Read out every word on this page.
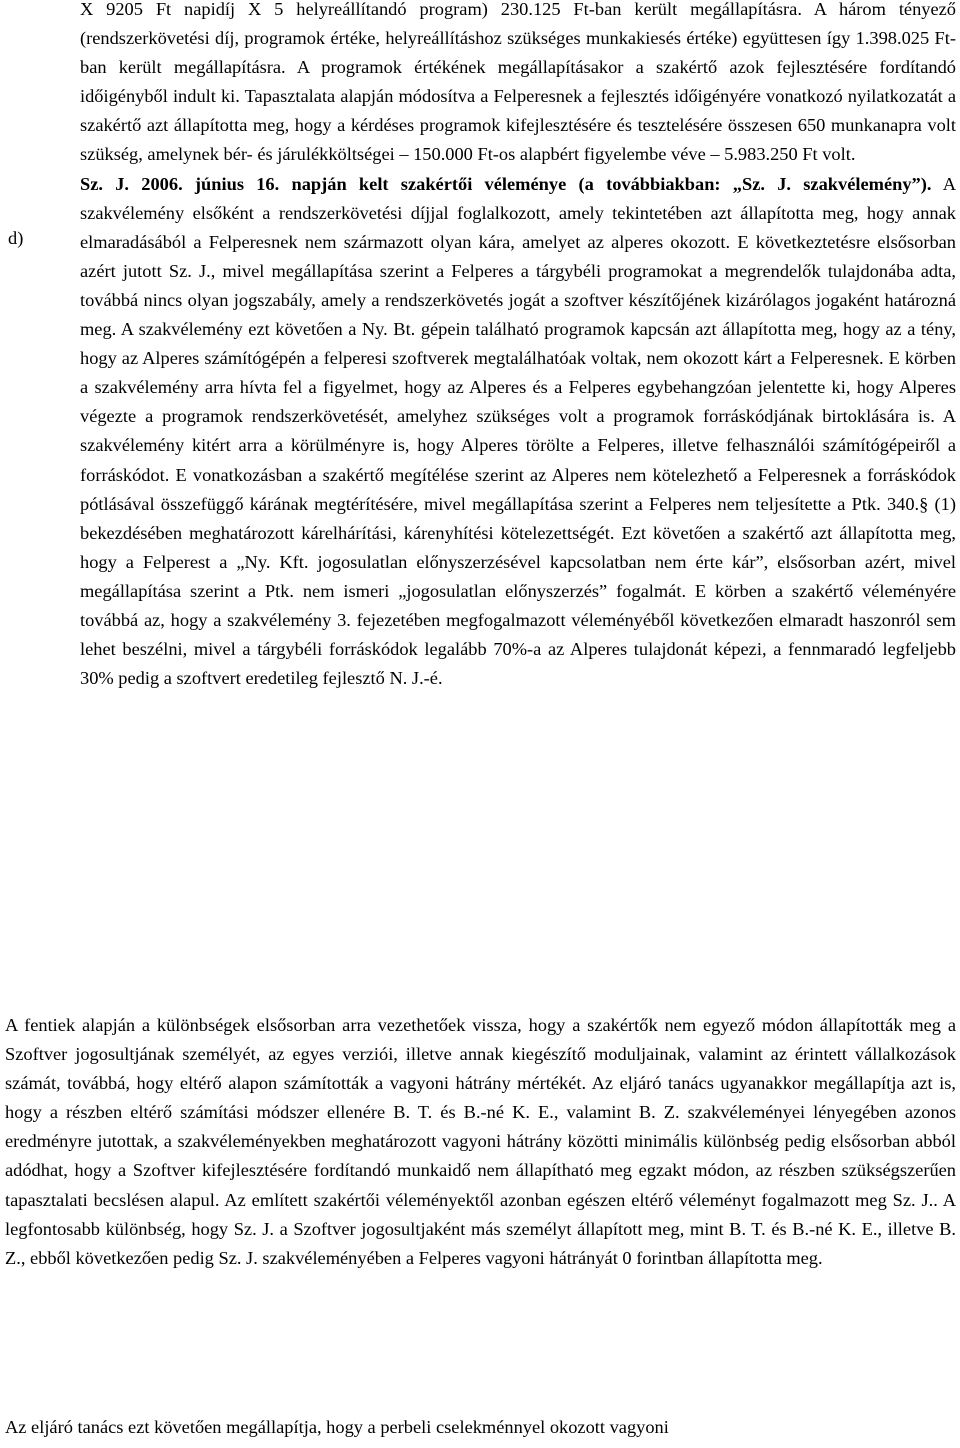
X 9205 Ft napidíj X 5 helyreállítandó program) 230.125 Ft-ban került megállapításra. A három tényező (rendszerkövetési díj, programok értéke, helyreállításhoz szükséges munkakiesés értéke) együttesen így 1.398.025 Ft-ban került megállapításra. A programok értékének megállapításakor a szakértő azok fejlesztésére fordítandó időigényből indult ki. Tapasztalata alapján módosítva a Felperesnek a fejlesztés időigényére vonatkozó nyilatkozatát a szakértő azt állapította meg, hogy a kérdéses programok kifejlesztésére és tesztelésére összesen 650 munkanapra volt szükség, amelynek bér- és járulékköltségei – 150.000 Ft-os alapbért figyelembe véve – 5.983.250 Ft volt.

Sz. J. 2006. június 16. napján kelt szakértői véleménye (a továbbiakban: „Sz. J. szakvélemény”). A szakvélemény elsőként a rendszerkövetési díjjal foglalkozott, amely tekintetében azt állapította meg, hogy annak elmaradásából a Felperesnek nem származott olyan kára, amelyet az alperes okozott. E következtetésre elsősorban azért jutott Sz. J., mivel megállapítása szerint a Felperes a tárgybéli programokat a megrendelők tulajdonába adta, továbbá nincs olyan jogszabály, amely a rendszerkövetés jogát a szoftver készítőjének kizárólagos jogaként határozná meg. A szakvélemény ezt követően a Ny. Bt. gépein található programok kapcsán azt állapította meg, hogy az a tény, hogy az Alperes számítógépén a felperesi szoftverek megtalálhatóak voltak, nem okozott kárt a Felperesnek. E körben a szakvélemény arra hívta fel a figyelmet, hogy az Alperes és a Felperes egybehangzóan jelentette ki, hogy Alperes végezte a programok rendszerkövetését, amelyhez szükséges volt a programok forráskódjának birtoklására is. A szakvélemény kitért arra a körülményre is, hogy Alperes törölte a Felperes, illetve felhasználói számítógépeiről a forráskódot. E vonatkozásban a szakértő megítélése szerint az Alperes nem kötelezhető a Felperesnek a forráskódok pótlásával összefüggő kárának megtérítésére, mivel megállapítása szerint a Felperes nem teljesítette a Ptk. 340.§ (1) bekezdésében meghatározott kárelhárítási, kárenyhítési kötelezettségét. Ezt követően a szakértő azt állapította meg, hogy a Felperest a „Ny. Kft. jogosulatlan előnyszerzésével kapcsolatban nem érte kár”, elsősorban azért, mivel megállapítása szerint a Ptk. nem ismeri „jogosulatlan előnyszerzés” fogalmát. E körben a szakértő véleményére továbbá az, hogy a szakvélemény 3. fejezetében megfogalmazott véleményéből következően elmaradt haszonról sem lehet beszélni, mivel a tárgybéli forráskódok legalább 70%-a az Alperes tulajdonát képezi, a fennmaradó legfeljebb 30% pedig a szoftvert eredetileg fejlesztő N. J.-é.

d)

A fentiek alapján a különbségek elsősorban arra vezethetőek vissza, hogy a szakértők nem egyező módon állapították meg a Szoftver jogosultjának személyét, az egyes verziói, illetve annak kiegészítő moduljainak, valamint az érintett vállalkozások számát, továbbá, hogy eltérő alapon számították a vagyoni hátrány mértékét. Az eljáró tanács ugyanakkor megállapítja azt is, hogy a részben eltérő számítási módszer ellenére B. T. és B.-né K. E., valamint B. Z. szakvéleményei lényegében azonos eredményre jutottak, a szakvéleményekben meghatározott vagyoni hátrány közötti minimális különbség pedig elsősorban abból adódhat, hogy a Szoftver kifejlesztésére fordítandó munkaidő nem állapítható meg egzakt módon, az részben szükségszerűen tapasztalati becslésen alapul. Az említett szakértői véleményektől azonban egészen eltérő véleményt fogalmazott meg Sz. J.. A legfontosabb különbség, hogy Sz. J. a Szoftver jogosultjaként más személyt állapított meg, mint B. T. és B.-né K. E., illetve B. Z., ebből következően pedig Sz. J. szakvéleményében a Felperes vagyoni hátrányát 0 forintban állapította meg.

Az eljáró tanács ezt követően megállapítja, hogy a perbeli cselekménnyel okozott vagyoni
